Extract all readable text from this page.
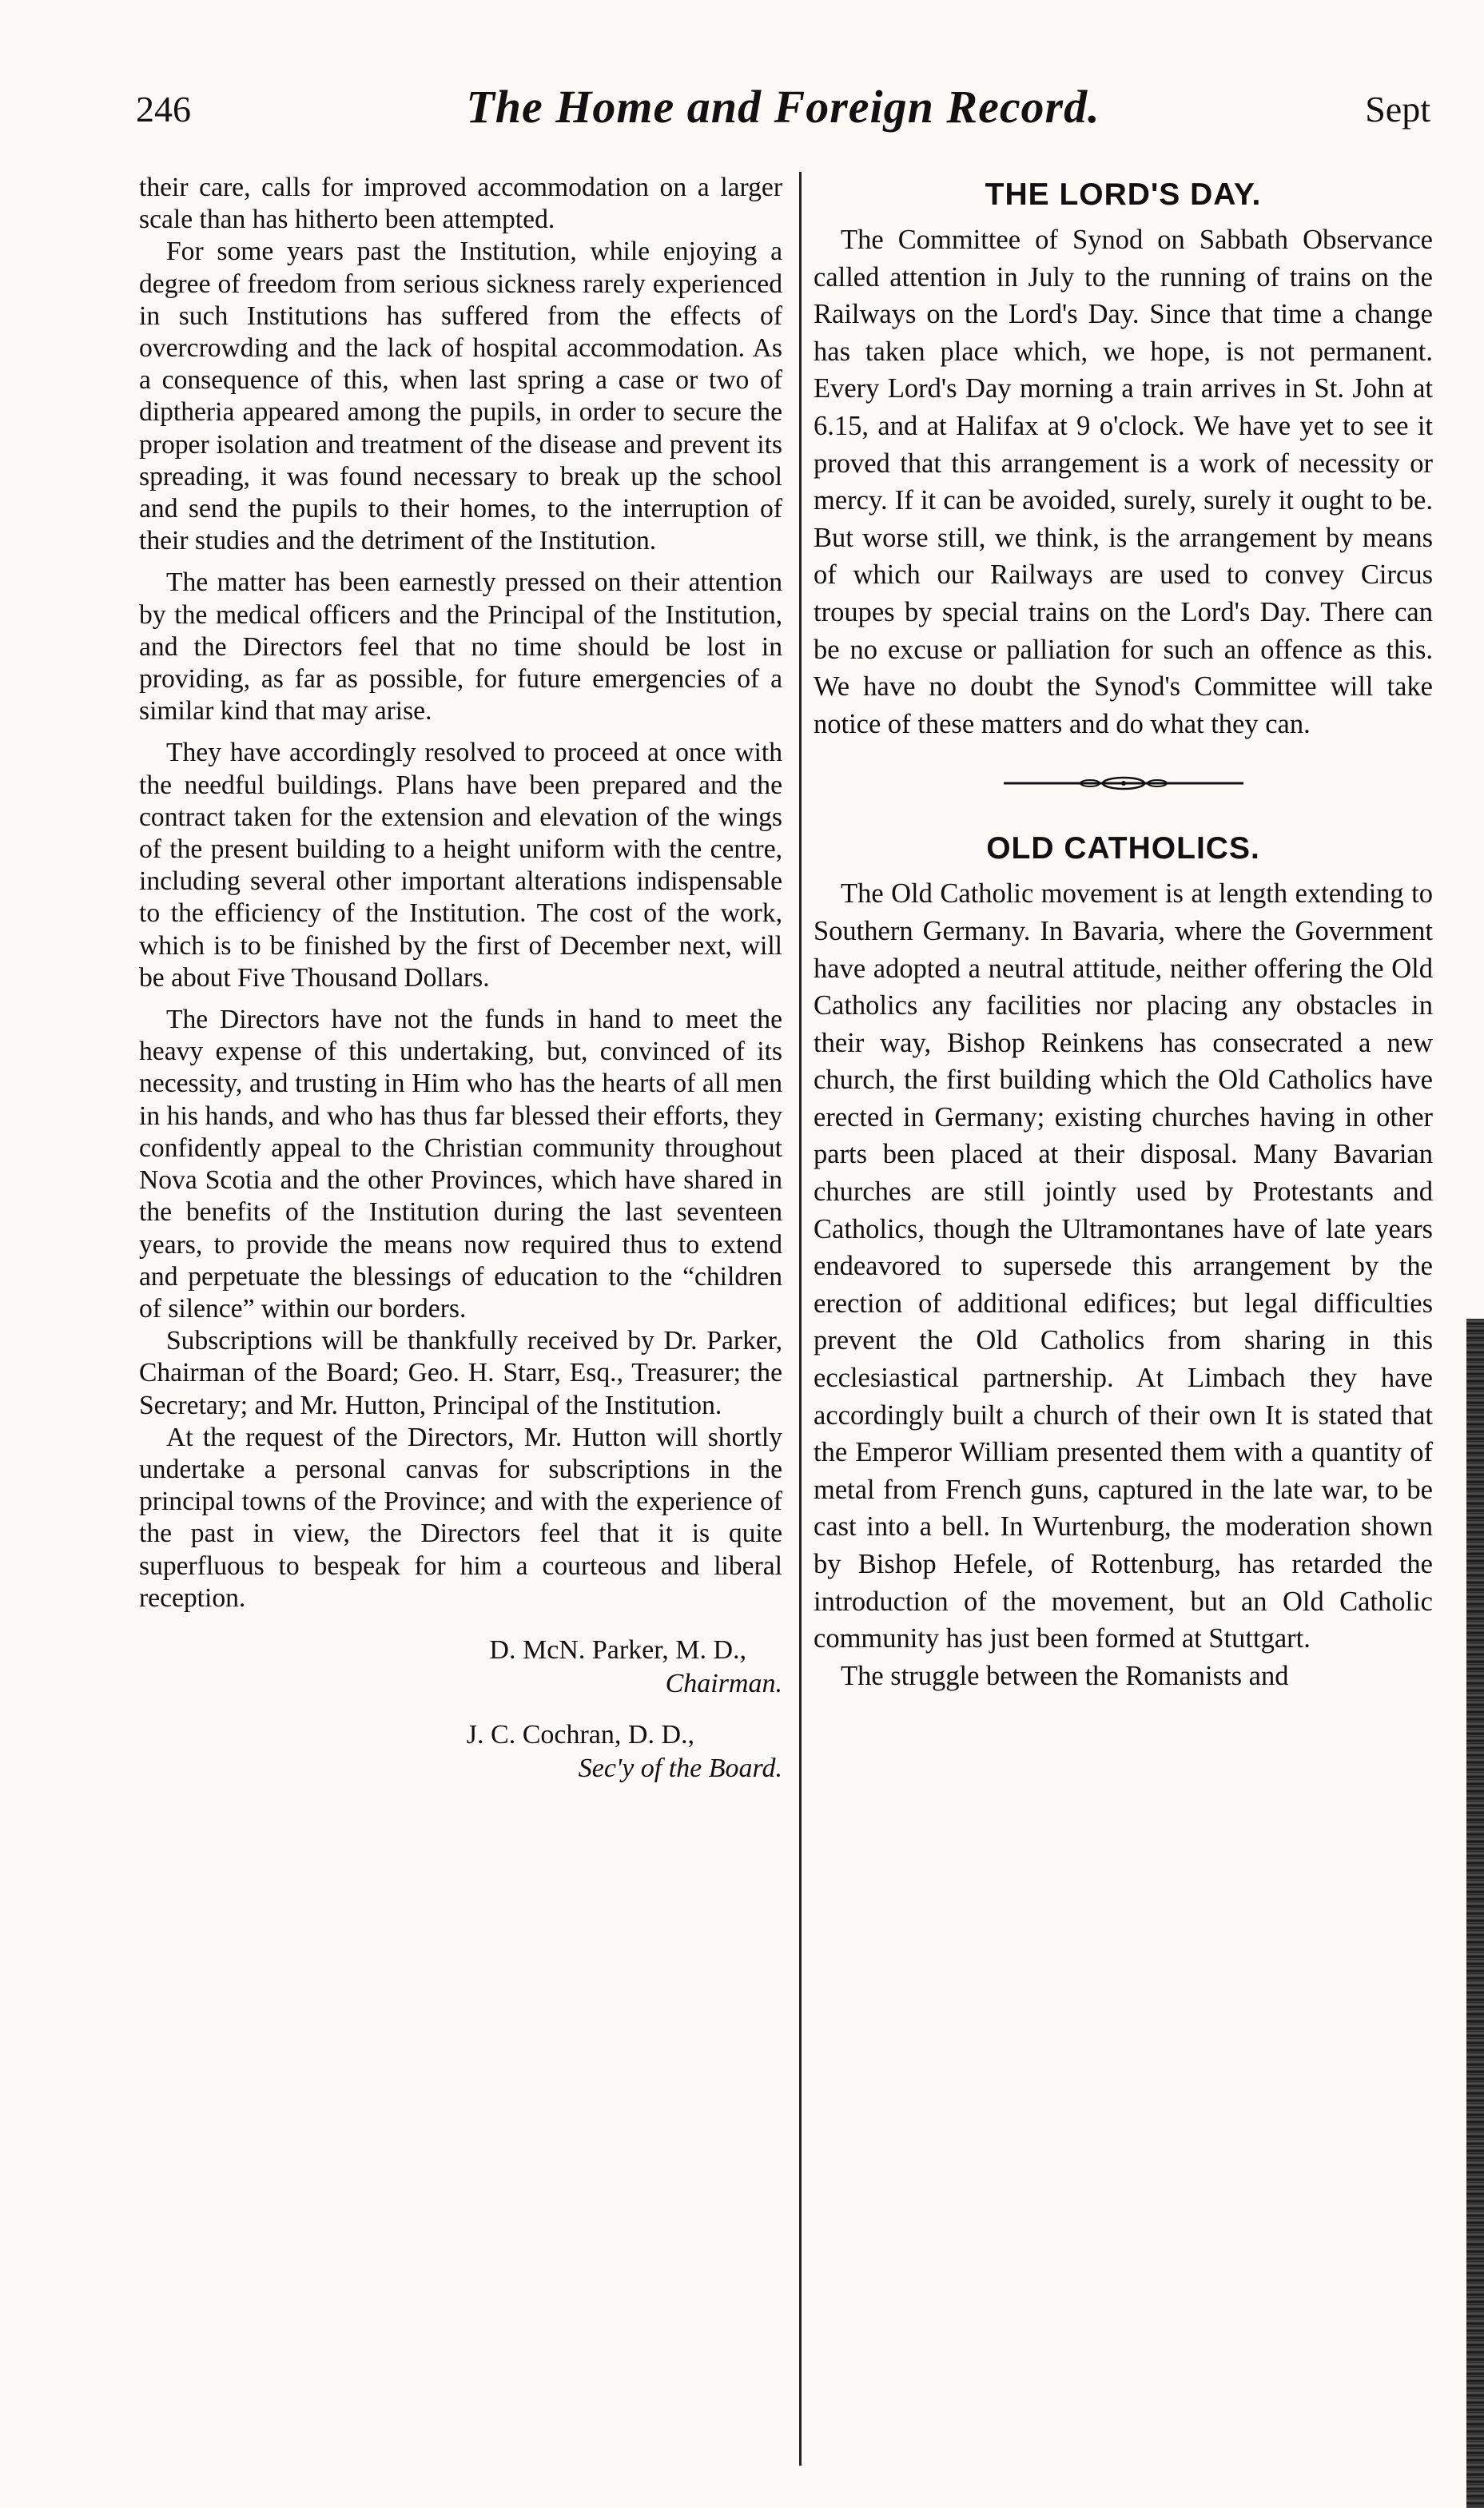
246	The Home and Foreign Record.	Sept

their care, calls for improved accommodation on a larger scale than has hitherto been attempted.

For some years past the Institution, while enjoying a degree of freedom from serious sickness rarely experienced in such Institutions has suffered from the effects of overcrowding and the lack of hospital accommodation. As a consequence of this, when last spring a case or two of diptheria appeared among the pupils, in order to secure the proper isolation and treatment of the disease and prevent its spreading, it was found necessary to break up the school and send the pupils to their homes, to the interruption of their studies and the detriment of the Institution.

The matter has been earnestly pressed on their attention by the medical officers and the Principal of the Institution, and the Directors feel that no time should be lost in providing, as far as possible, for future emergencies of a similar kind that may arise.

They have accordingly resolved to proceed at once with the needful buildings. Plans have been prepared and the contract taken for the extension and elevation of the wings of the present building to a height uniform with the centre, including several other important alterations indispensable to the efficiency of the Institution. The cost of the work, which is to be finished by the first of December next, will be about Five Thousand Dollars.

The Directors have not the funds in hand to meet the heavy expense of this undertaking, but, convinced of its necessity, and trusting in Him who has the hearts of all men in his hands, and who has thus far blessed their efforts, they confidently appeal to the Christian community throughout Nova Scotia and the other Provinces, which have shared in the benefits of the Institution during the last seventeen years, to provide the means now required thus to extend and perpetuate the blessings of education to the “children of silence” within our borders.

Subscriptions will be thankfully received by Dr. Parker, Chairman of the Board; Geo. H. Starr, Esq., Treasurer; the Secretary; and Mr. Hutton, Principal of the Institution.

At the request of the Directors, Mr. Hutton will shortly undertake a personal canvas for subscriptions in the principal towns of the Province; and with the experience of the past in view, the Directors feel that it is quite superfluous to bespeak for him a courteous and liberal reception.

D. McN. Parker, M. D.,
Chairman.
J. C. Cochran, D. D.,
Sec'y of the Board.
THE LORD'S DAY.

The Committee of Synod on Sabbath Observance called attention in July to the running of trains on the Railways on the Lord's Day. Since that time a change has taken place which, we hope, is not permanent. Every Lord's Day morning a train arrives in St. John at 6.15, and at Halifax at 9 o'clock. We have yet to see it proved that this arrangement is a work of necessity or mercy. If it can be avoided, surely, surely it ought to be. But worse still, we think, is the arrangement by means of which our Railways are used to convey Circus troupes by special trains on the Lord's Day. There can be no excuse or palliation for such an offence as this. We have no doubt the Synod's Committee will take notice of these matters and do what they can.

OLD CATHOLICS.

The Old Catholic movement is at length extending to Southern Germany. In Bavaria, where the Government have adopted a neutral attitude, neither offering the Old Catholics any facilities nor placing any obstacles in their way, Bishop Reinkens has consecrated a new church, the first building which the Old Catholics have erected in Germany; existing churches having in other parts been placed at their disposal. Many Bavarian churches are still jointly used by Protestants and Catholics, though the Ultramontanes have of late years endeavored to supersede this arrangement by the erection of additional edifices; but legal difficulties prevent the Old Catholics from sharing in this ecclesiastical partnership. At Limbach they have accordingly built a church of their own It is stated that the Emperor William presented them with a quantity of metal from French guns, captured in the late war, to be cast into a bell. In Wurtenburg, the moderation shown by Bishop Hefele, of Rottenburg, has retarded the introduction of the movement, but an Old Catholic community has just been formed at Stuttgart.

The struggle between the Romanists and
